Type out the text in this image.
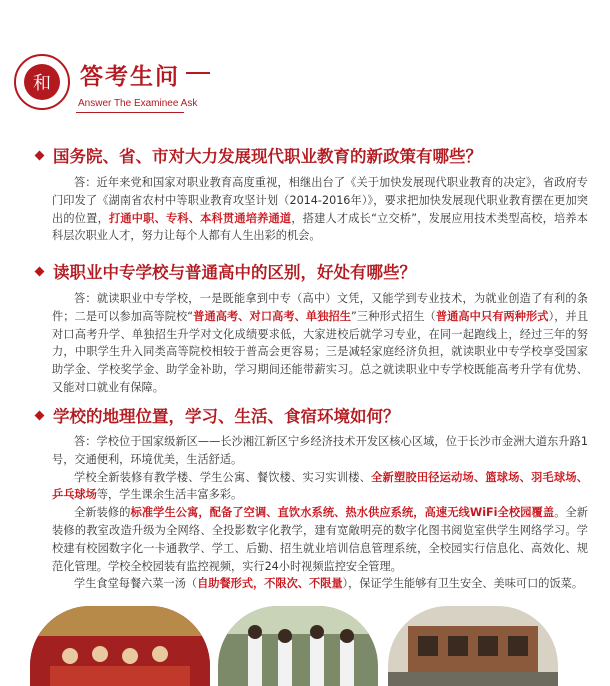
和	答考生问
Answer The Examinee Ask
国务院、省、市对大力发展现代职业教育的新政策有哪些？

答：近年来党和国家对职业教育高度重视，相继出台了《关于加快发展现代职业教育的决定》，省政府专门印发了《湖南省农村中等职业教育攻坚计划（2014-2016年）》，要求把加快发展现代职业教育摆在更加突出的位置，打通中职、专科、本科贯通培养通道，搭建人才成长“立交桥”，发展应用技术类型高校，培养本科层次职业人才，努力让每个人都有人生出彩的机会。

读职业中专学校与普通高中的区别，好处有哪些？

答：就读职业中专学校，一是既能拿到中专（高中）文凭，又能学到专业技术，为就业创造了有利的条件；二是可以参加高等院校“普通高考、对口高考、单独招生”三种形式招生（普通高中只有两种形式），并且对口高考升学、单独招生升学对文化成绩要求低，大家进校后就学习专业，在同一起跑线上，经过三年的努力，中职学生升入同类高等院校相较于普高会更容易；三是减轻家庭经济负担，就读职业中专学校享受国家助学金、学校奖学金、助学金补助，学习期间还能带薪实习。总之就读职业中专学校既能高考升学有优势、又能对口就业有保障。

学校的地理位置，学习、生活、食宿环境如何？

答：学校位于国家级新区——长沙湘江新区宁乡经济技术开发区核心区域，位于长沙市金洲大道东升路1号，交通便利，环境优美，生活舒适。

学校全新装修有教学楼、学生公寓、餐饮楼、实习实训楼、全新塑胶田径运动场、篮球场、羽毛球场、乒乓球场等，学生课余生活丰富多彩。

全新装修的标准学生公寓，配备了空调、直饮水系统、热水供应系统，高速无线WiFi全校园覆盖。全新装修的教室改造升级为全网络、全投影数字化教学，建有宽敞明亮的数字化图书阅览室供学生网络学习。学校建有校园数字化一卡通教学、学工、后勤、招生就业培训信息管理系统，全校园实行信息化、高效化、规范化管理。学校全校园装有监控视频，实行24小时视频监控安全管理。

学生食堂每餐六菜一汤（自助餐形式，不限次、不限量），保证学生能够有卫生安全、美味可口的饭菜。
